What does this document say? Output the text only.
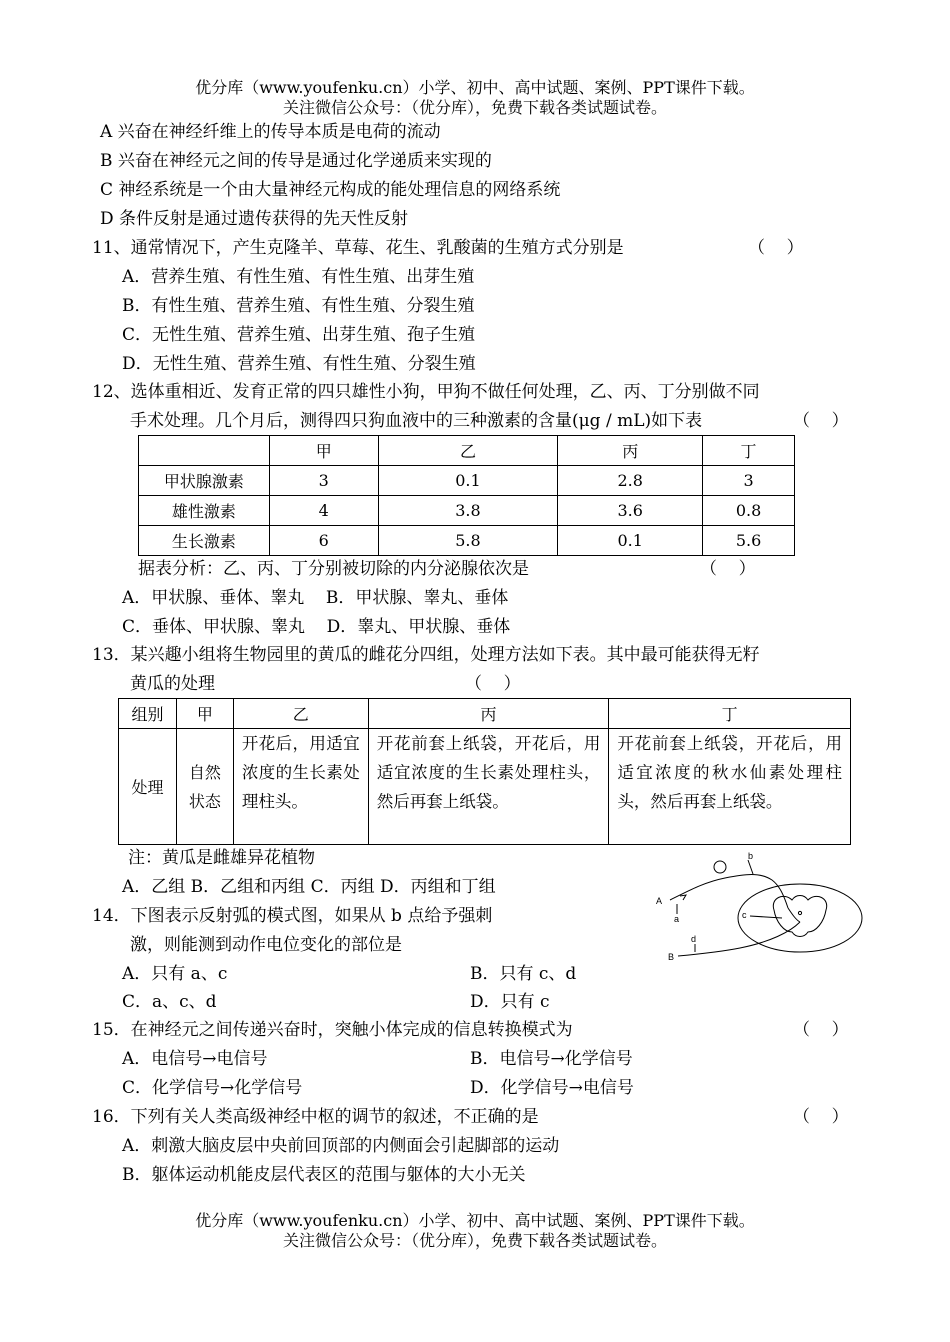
优分库（www.youfenku.cn）小学、初中、高中试题、案例、PPT课件下载。
关注微信公众号：（优分库），免费下载各类试题试卷。
A 兴奋在神经纤维上的传导本质是电荷的流动
B 兴奋在神经元之间的传导是通过化学递质来实现的
C 神经系统是一个由大量神经元构成的能处理信息的网络系统
D 条件反射是通过遗传获得的先天性反射
11、通常情况下，产生克隆羊、草莓、花生、乳酸菌的生殖方式分别是	（    ）
A．营养生殖、有性生殖、有性生殖、出芽生殖
B．有性生殖、营养生殖、有性生殖、分裂生殖
C．无性生殖、营养生殖、出芽生殖、孢子生殖
D．无性生殖、营养生殖、有性生殖、分裂生殖
12、选体重相近、发育正常的四只雄性小狗，甲狗不做任何处理，乙、丙、丁分别做不同
手术处理。几个月后，测得四只狗血液中的三种激素的含量(μg / mL)如下表	（    ）
	甲	乙	丙	丁
甲状腺激素	3	0.1	2.8	3
雄性激素	4	3.8	3.6	0.8
生长激素	6	5.8	0.1	5.6
据表分析：乙、丙、丁分别被切除的内分泌腺依次是	（    ）
A．甲状腺、垂体、睾丸    B．甲状腺、睾丸、垂体
C．垂体、甲状腺、睾丸    D．睾丸、甲状腺、垂体
13．某兴趣小组将生物园里的黄瓜的雌花分四组，处理方法如下表。其中最可能获得无籽
黄瓜的处理	（    ）
组别	甲	乙	丙	丁
处理	自然状态	开花后，用适宜浓度的生长素处理柱头。	开花前套上纸袋，开花后，用适宜浓度的生长素处理柱头，然后再套上纸袋。	开花前套上纸袋，开花后，用适宜浓度的秋水仙素处理柱头，然后再套上纸袋。
注：黄瓜是雌雄异花植物
A．乙组 B．乙组和丙组 C．丙组 D．丙组和丁组
14．下图表示反射弧的模式图，如果从 b 点给予强刺
激，则能测到动作电位变化的部位是
A．只有 a、c	B．只有 c、d
C．a、c、d	D．只有 c
A
a
b
c
d
B
15．在神经元之间传递兴奋时，突触小体完成的信息转换模式为	（    ）
A．电信号→电信号	B．电信号→化学信号
C．化学信号→化学信号	D．化学信号→电信号
16．下列有关人类高级神经中枢的调节的叙述，不正确的是	（    ）
A．刺激大脑皮层中央前回顶部的内侧面会引起脚部的运动
B．躯体运动机能皮层代表区的范围与躯体的大小无关
优分库（www.youfenku.cn）小学、初中、高中试题、案例、PPT课件下载。
关注微信公众号：（优分库），免费下载各类试题试卷。
